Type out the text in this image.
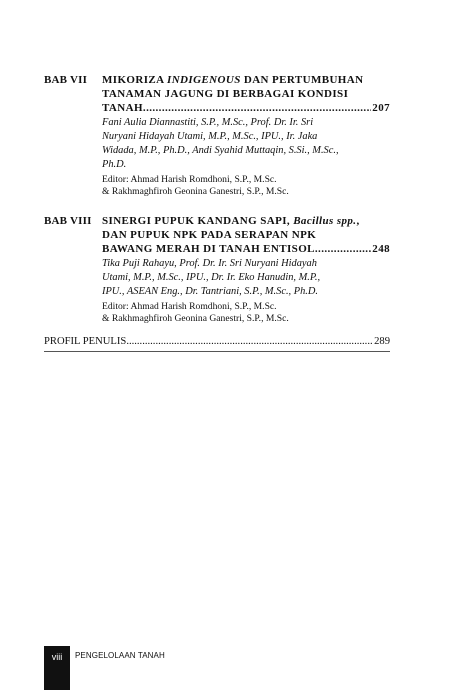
BAB VII MIKORIZA INDIGENOUS DAN PERTUMBUHAN
TANAMAN JAGUNG DI BERBAGAI KONDISI
TANAH .....	207
Fani Aulia Diannastiti, S.P., M.Sc., Prof. Dr. Ir. Sri
Nuryani Hidayah Utami, M.P., M.Sc., IPU., Ir. Jaka
Widada, M.P., Ph.D., Andi Syahid Muttaqin, S.Si., M.Sc.,
Ph.D.
Editor: Ahmad Harish Romdhoni, S.P., M.Sc.
& Rakhmaghfiroh Geonina Ganestri, S.P., M.Sc.
BAB VIII SINERGI PUPUK KANDANG SAPI, Bacillus spp.,
DAN PUPUK NPK PADA SERAPAN NPK
BAWANG MERAH DI TANAH ENTISOL .....	248
Tika Puji Rahayu, Prof. Dr. Ir. Sri Nuryani Hidayah
Utami, M.P., M.Sc., IPU., Dr. Ir. Eko Hanudin, M.P.,
IPU., ASEAN Eng., Dr. Tantriani, S.P., M.Sc., Ph.D.
Editor: Ahmad Harish Romdhoni, S.P., M.Sc.
& Rakhmaghfiroh Geonina Ganestri, S.P., M.Sc.
PROFIL PENULIS .....	289
viii	PENGELOLAAN TANAH
